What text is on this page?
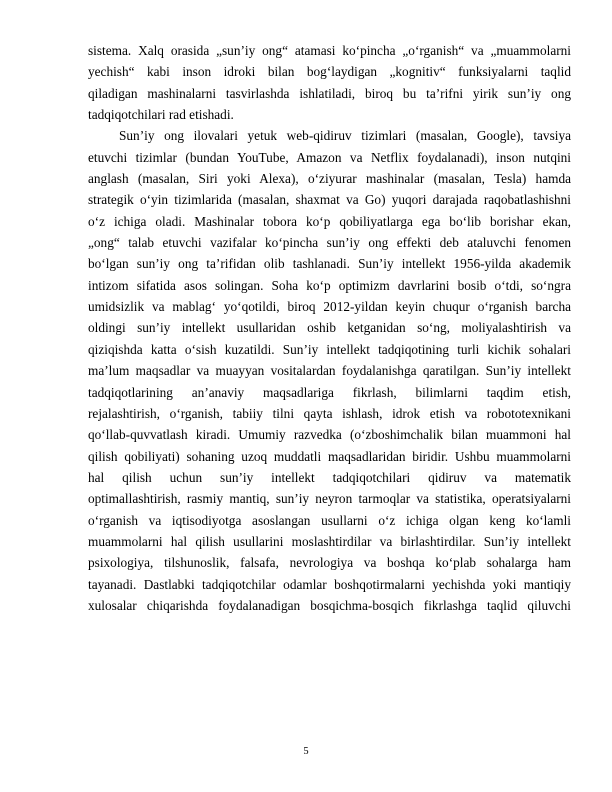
sistema. Xalq orasida „sun’iy ong“ atamasi ko‘pincha „o‘rganish“ va „muammolarni
yechish“ kabi inson idroki bilan bog‘laydigan „kognitiv“ funksiyalarni taqlid
qiladigan mashinalarni tasvirlashda ishlatiladi, biroq bu ta’rifni yirik sun’iy ong
tadqiqotchilari rad etishadi.
Sun’iy ong ilovalari yetuk web-qidiruv tizimlari (masalan, Google), tavsiya
etuvchi tizimlar (bundan YouTube, Amazon va Netflix foydalanadi), inson nutqini
anglash (masalan, Siri yoki Alexa), o‘ziyurar mashinalar (masalan, Tesla) hamda
strategik o‘yin tizimlarida (masalan, shaxmat va Go) yuqori darajada raqobatlashishni
o‘z ichiga oladi. Mashinalar tobora ko‘p qobiliyatlarga ega bo‘lib borishar ekan,
„ong“ talab etuvchi vazifalar ko‘pincha sun’iy ong effekti deb ataluvchi fenomen
bo‘lgan sun’iy ong ta’rifidan olib tashlanadi. Sun’iy intellekt 1956-yilda akademik
intizom sifatida asos solingan. Soha ko‘p optimizm davrlarini bosib o‘tdi, so‘ngra
umidsizlik va mablag‘ yo‘qotildi, biroq 2012-yildan keyin chuqur o‘rganish barcha
oldingi sun’iy intellekt usullaridan oshib ketganidan so‘ng, moliyalashtirish va
qiziqishda katta o‘sish kuzatildi. Sun’iy intellekt tadqiqotining turli kichik sohalari
ma’lum maqsadlar va muayyan vositalardan foydalanishga qaratilgan. Sun’iy intellekt
tadqiqotlarining an’anaviy maqsadlariga fikrlash, bilimlarni taqdim etish,
rejalashtirish, o‘rganish, tabiiy tilni qayta ishlash, idrok etish va robototexnikani
qo‘llab-quvvatlash kiradi. Umumiy razvedka (o‘zboshimchalik bilan muammoni hal
qilish qobiliyati) sohaning uzoq muddatli maqsadlaridan biridir. Ushbu muammolarni
hal qilish uchun sun’iy intellekt tadqiqotchilari qidiruv va matematik
optimallashtirish, rasmiy mantiq, sun’iy neyron tarmoqlar va statistika, operatsiyalarni
o‘rganish va iqtisodiyotga asoslangan usullarni o‘z ichiga olgan keng ko‘lamli
muammolarni hal qilish usullarini moslashtirdilar va birlashtirdilar. Sun’iy intellekt
psixologiya, tilshunoslik, falsafa, nevrologiya va boshqa ko‘plab sohalarga ham
tayanadi. Dastlabki tadqiqotchilar odamlar boshqotirmalarni yechishda yoki mantiqiy
xulosalar chiqarishda foydalanadigan bosqichma-bosqich fikrlashga taqlid qiluvchi
5
